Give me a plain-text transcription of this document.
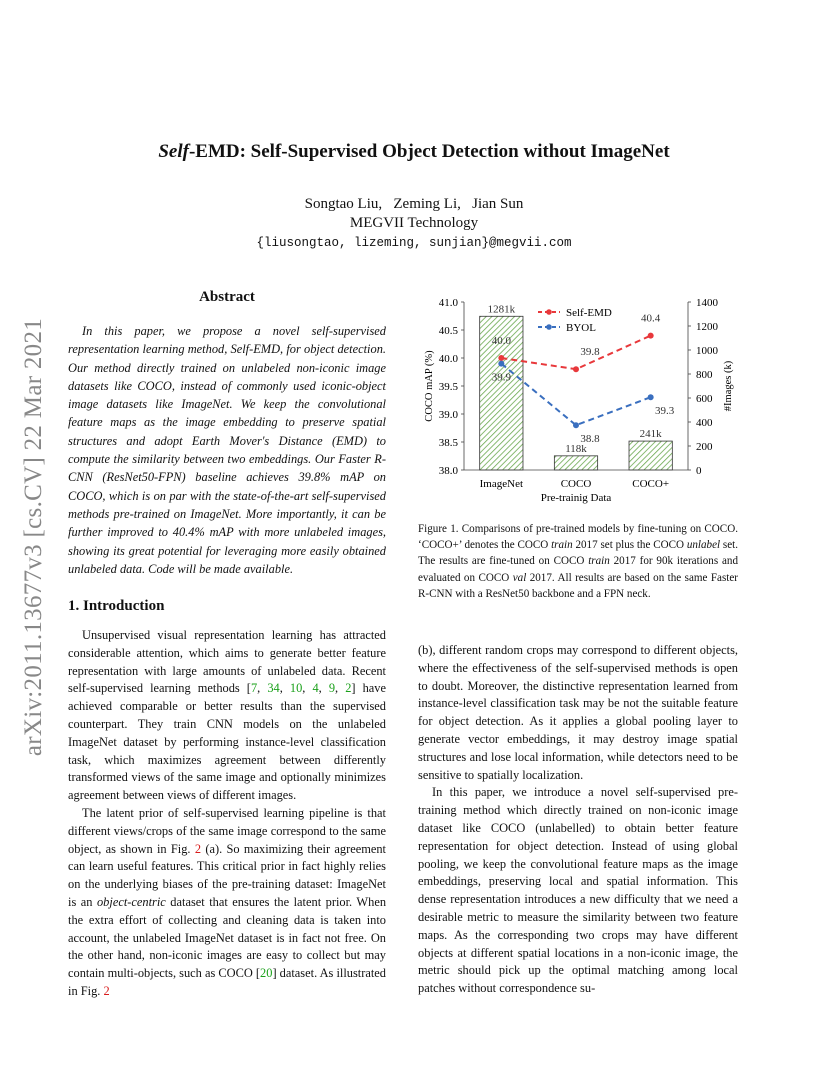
arXiv:2011.13677v3 [cs.CV] 22 Mar 2021
Self-EMD: Self-Supervised Object Detection without ImageNet
Songtao Liu,   Zeming Li,   Jian Sun
MEGVII Technology
{liusongtao, lizeming, sunjian}@megvii.com
Abstract
In this paper, we propose a novel self-supervised representation learning method, Self-EMD, for object detection. Our method directly trained on unlabeled non-iconic image datasets like COCO, instead of commonly used iconic-object image datasets like ImageNet. We keep the convolutional feature maps as the image embedding to preserve spatial structures and adopt Earth Mover's Distance (EMD) to compute the similarity between two embeddings. Our Faster R-CNN (ResNet50-FPN) baseline achieves 39.8% mAP on COCO, which is on par with the state-of-the-art self-supervised methods pre-trained on ImageNet. More importantly, it can be further improved to 40.4% mAP with more unlabeled images, showing its great potential for leveraging more easily obtained unlabeled data. Code will be made available.
1. Introduction

Unsupervised visual representation learning has attracted considerable attention, which aims to generate better feature representation with large amounts of unlabeled data. Recent self-supervised learning methods [7, 34, 10, 4, 9, 2] have achieved comparable or better results than the supervised counterpart. They train CNN models on the unlabeled ImageNet dataset by performing instance-level classification task, which maximizes agreement between differently transformed views of the same image and optionally minimizes agreement between views of different images.

The latent prior of self-supervised learning pipeline is that different views/crops of the same image correspond to the same object, as shown in Fig. 2 (a). So maximizing their agreement can learn useful features. This critical prior in fact highly relies on the underlying biases of the pre-training dataset: ImageNet is an object-centric dataset that ensures the latent prior. When the extra effort of collecting and cleaning data is taken into account, the unlabeled ImageNet dataset is in fact not free. On the other hand, non-iconic images are easy to collect but may contain multi-objects, such as COCO [20] dataset. As illustrated in Fig. 2

(b), different random crops may correspond to different objects, where the effectiveness of the self-supervised methods is open to doubt. Moreover, the distinctive representation learned from instance-level classification task may be not the suitable feature for object detection. As it applies a global pooling layer to generate vector embeddings, it may destroy image spatial structures and lose local information, while detectors need to be sensitive to spatially localization.

In this paper, we introduce a novel self-supervised pre-training method which directly trained on non-iconic image dataset like COCO (unlabelled) to obtain better feature representation for object detection. Instead of using global pooling, we keep the convolutional feature maps as the image embeddings, preserving local and spatial information. This dense representation introduces a new difficulty that we need a desirable metric to measure the similarity between two feature maps. As the corresponding two crops may have different objects at different spatial locations in a non-iconic image, the metric should pick up the optimal matching among local patches without correspondence su-

1281k
118k
241k
38.0
38.5
39.0
39.5
40.0
40.5
41.0
0
200
400
600
800
1000
1200
1400
ImageNet	COCO	COCO+
Pre-trainig Data
COCO mAP (%)	#Images (k)
40.0
39.8
40.4
39.9
38.8
39.3
Self-EMD
BYOL
Figure 1. Comparisons of pre-trained models by fine-tuning on COCO. ‘COCO+’ denotes the COCO train 2017 set plus the COCO unlabel set. The results are fine-tuned on COCO train 2017 for 90k iterations and evaluated on COCO val 2017. All results are based on the same Faster R-CNN with a ResNet50 backbone and a FPN neck.
